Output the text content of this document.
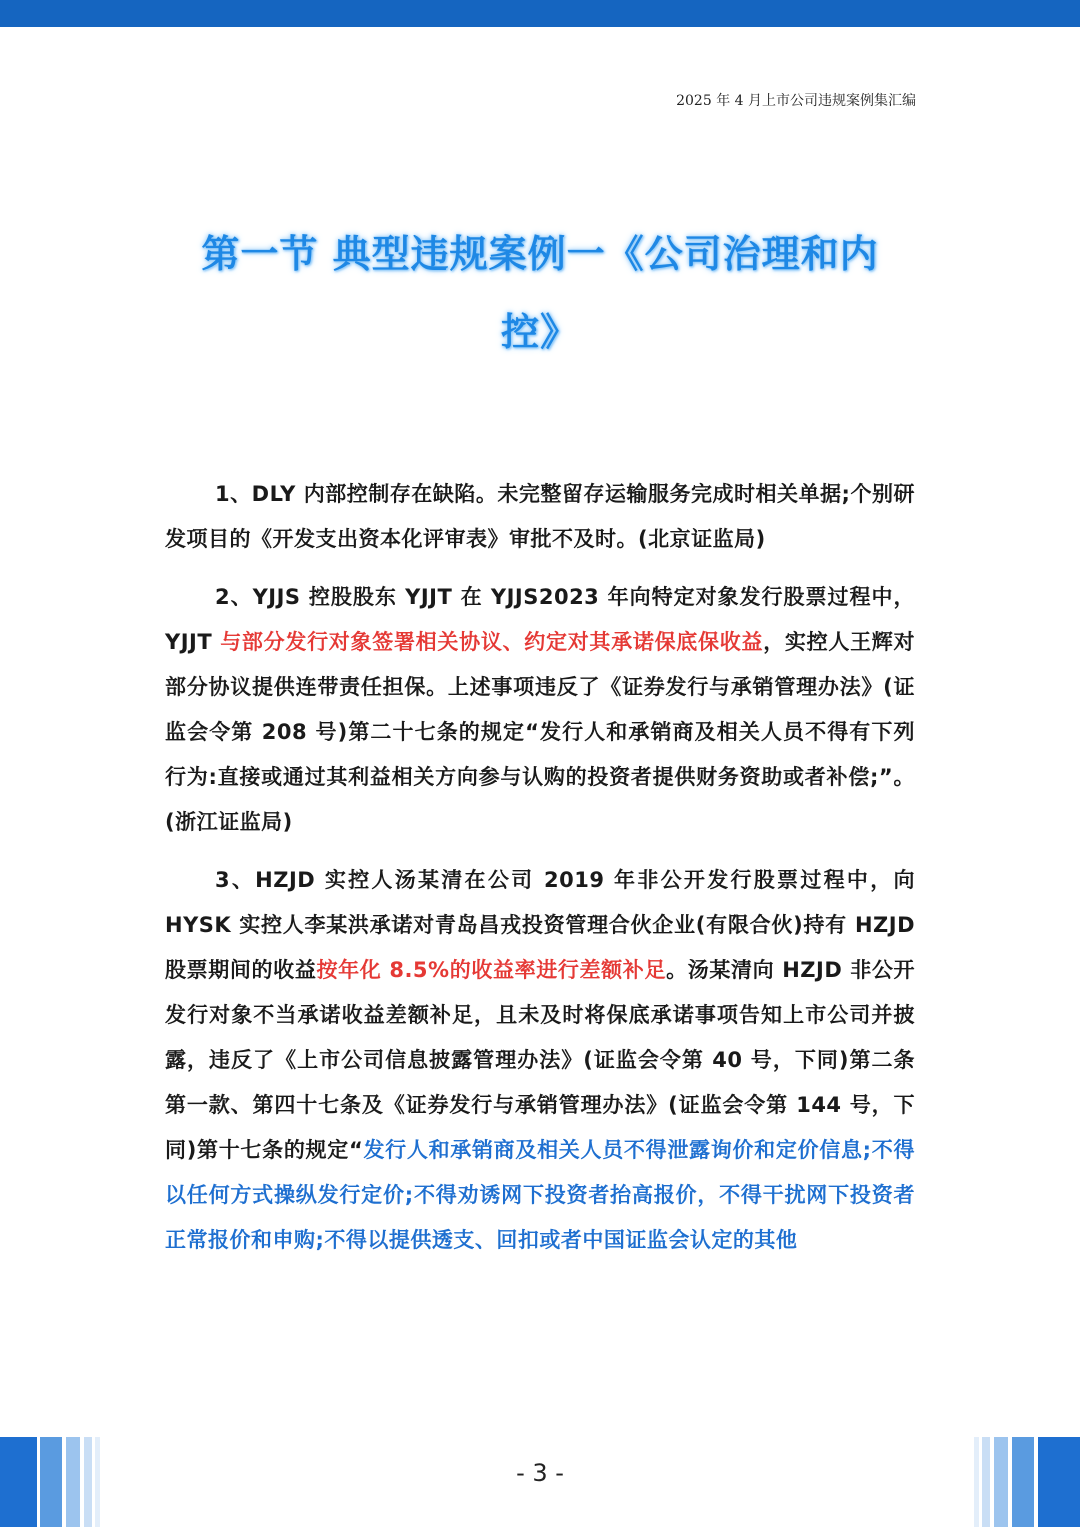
2025 年 4 月上市公司违规案例集汇编
第一节 典型违规案例一《公司治理和内
控》

1、DLY 内部控制存在缺陷。未完整留存运输服务完成时相关单据;个别研发项目的《开发支出资本化评审表》审批不及时。(北京证监局)

2、YJJS 控股股东 YJJT 在 YJJS2023 年向特定对象发行股票过程中，YJJT 与部分发行对象签署相关协议、约定对其承诺保底保收益，实控人王辉对部分协议提供连带责任担保。上述事项违反了《证券发行与承销管理办法》(证监会令第 208 号)第二十七条的规定“发行人和承销商及相关人员不得有下列行为:直接或通过其利益相关方向参与认购的投资者提供财务资助或者补偿;”。(浙江证监局)

3、HZJD 实控人汤某清在公司 2019 年非公开发行股票过程中，向HYSK 实控人李某洪承诺对青岛昌戎投资管理合伙企业(有限合伙)持有 HZJD 股票期间的收益按年化 8.5%的收益率进行差额补足。汤某清向 HZJD 非公开发行对象不当承诺收益差额补足，且未及时将保底承诺事项告知上市公司并披露，违反了《上市公司信息披露管理办法》(证监会令第 40 号，下同)第二条第一款、第四十七条及《证券发行与承销管理办法》(证监会令第 144 号，下同)第十七条的规定“发行人和承销商及相关人员不得泄露询价和定价信息;不得以任何方式操纵发行定价;不得劝诱网下投资者抬高报价，不得干扰网下投资者正常报价和申购;不得以提供透支、回扣或者中国证监会认定的其他

- 3 -
